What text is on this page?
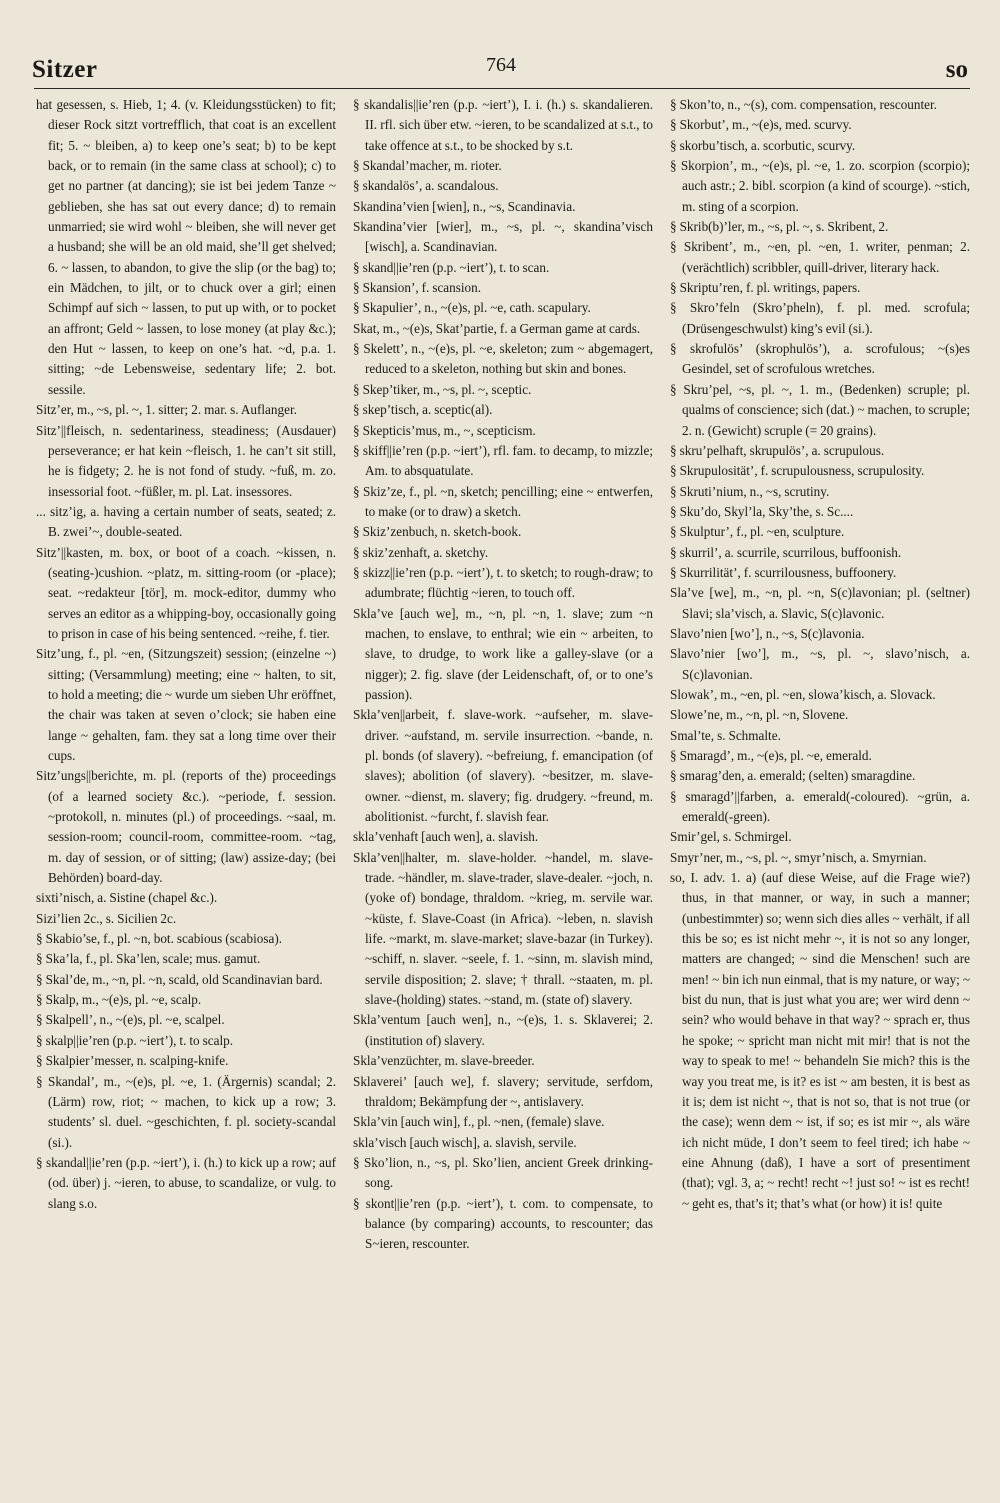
Sitzer	764	so
hat gesessen, s. Hieb, 1; 4. (v. Kleidungsstücken) to fit; dieser Rock sitzt vortrefflich, that coat is an excellent fit; 5. ~ bleiben, a) to keep one’s seat; b) to be kept back, or to remain (in the same class at school); c) to get no partner (at dancing); sie ist bei jedem Tanze ~ geblieben, she has sat out every dance; d) to remain unmarried; sie wird wohl ~ bleiben, she will never get a husband; she will be an old maid, she’ll get shelved; 6. ~ lassen, to abandon, to give the slip (or the bag) to; ein Mädchen, to jilt, or to chuck over a girl; einen Schimpf auf sich ~ lassen, to put up with, or to pocket an affront; Geld ~ lassen, to lose money (at play &c.); den Hut ~ lassen, to keep on one’s hat. ~d, p.a. 1. sitting; ~de Lebensweise, sedentary life; 2. bot. sessile.
Sitz’er, m., ~s, pl. ~, 1. sitter; 2. mar. s. Auflanger.
Sitz’||fleisch, n. sedentariness, steadiness; (Ausdauer) perseverance; er hat kein ~fleisch, 1. he can’t sit still, he is fidgety; 2. he is not fond of study. ~fuß, m. zo. insessorial foot. ~füßler, m. pl. Lat. insessores.
... sitz’ig, a. having a certain number of seats, seated; z. B. zwei’~, double-seated.
Sitz’||kasten, m. box, or boot of a coach. ~kissen, n. (seating-)cushion. ~platz, m. sitting-room (or -place); seat. ~redakteur [tör], m. mock-editor, dummy who serves an editor as a whipping-boy, occasionally going to prison in case of his being sentenced. ~reihe, f. tier.
Sitz’ung, f., pl. ~en, (Sitzungszeit) session; (einzelne ~) sitting; (Versammlung) meeting; eine ~ halten, to sit, to hold a meeting; die ~ wurde um sieben Uhr eröffnet, the chair was taken at seven o’clock; sie haben eine lange ~ gehalten, fam. they sat a long time over their cups.
Sitz’ungs||berichte, m. pl. (reports of the) proceedings (of a learned society &c.). ~periode, f. session. ~protokoll, n. minutes (pl.) of proceedings. ~saal, m. session-room; council-room, committee-room. ~tag, m. day of session, or of sitting; (law) assize-day; (bei Behörden) board-day.
sixti’nisch, a. Sistine (chapel &c.).
Sizi’lien 2c., s. Sicilien 2c.
§ Skabio’se, f., pl. ~n, bot. scabious (scabiosa).
§ Ska’la, f., pl. Ska’len, scale; mus. gamut.
§ Skal’de, m., ~n, pl. ~n, scald, old Scandinavian bard.
§ Skalp, m., ~(e)s, pl. ~e, scalp.
§ Skalpell’, n., ~(e)s, pl. ~e, scalpel.
§ skalp||ie’ren (p.p. ~iert’), t. to scalp.
§ Skalpier’messer, n. scalping-knife.
§ Skandal’, m., ~(e)s, pl. ~e, 1. (Ärgernis) scandal; 2. (Lärm) row, riot; ~ machen, to kick up a row; 3. students’ sl. duel. ~geschichten, f. pl. society-scandal (si.).
§ skandal||ie’ren (p.p. ~iert’), i. (h.) to kick up a row; auf (od. über) j. ~ieren, to abuse, to scandalize, or vulg. to slang s.o.
§ skandalis||ie’ren (p.p. ~iert’), I. i. (h.) s. skandalieren. II. rfl. sich über etw. ~ieren, to be scandalized at s.t., to take offence at s.t., to be shocked by s.t.
§ Skandal’macher, m. rioter.
§ skandalös’, a. scandalous.
Skandina’vien [wien], n., ~s, Scandinavia.
Skandina’vier [wier], m., ~s, pl. ~, skandina’visch [wisch], a. Scandinavian.
§ skand||ie’ren (p.p. ~iert’), t. to scan.
§ Skansion’, f. scansion.
§ Skapulier’, n., ~(e)s, pl. ~e, cath. scapulary.
Skat, m., ~(e)s, Skat’partie, f. a German game at cards.
§ Skelett’, n., ~(e)s, pl. ~e, skeleton; zum ~ abgemagert, reduced to a skeleton, nothing but skin and bones.
§ Skep’tiker, m., ~s, pl. ~, sceptic.
§ skep’tisch, a. sceptic(al).
§ Skepticis’mus, m., ~, scepticism.
§ skiff||ie’ren (p.p. ~iert’), rfl. fam. to decamp, to mizzle; Am. to absquatulate.
§ Skiz’ze, f., pl. ~n, sketch; pencilling; eine ~ entwerfen, to make (or to draw) a sketch.
§ Skiz’zenbuch, n. sketch-book.
§ skiz’zenhaft, a. sketchy.
§ skizz||ie’ren (p.p. ~iert’), t. to sketch; to rough-draw; to adumbrate; flüchtig ~ieren, to touch off.
Skla’ve [auch we], m., ~n, pl. ~n, 1. slave; zum ~n machen, to enslave, to enthral; wie ein ~ arbeiten, to slave, to drudge, to work like a galley-slave (or a nigger); 2. fig. slave (der Leidenschaft, of, or to one’s passion).
Skla’ven||arbeit, f. slave-work. ~aufseher, m. slave-driver. ~aufstand, m. servile insurrection. ~bande, n. pl. bonds (of slavery). ~befreiung, f. emancipation (of slaves); abolition (of slavery). ~besitzer, m. slave-owner. ~dienst, m. slavery; fig. drudgery. ~freund, m. abolitionist. ~furcht, f. slavish fear.
skla’venhaft [auch wen], a. slavish.
Skla’ven||halter, m. slave-holder. ~handel, m. slave-trade. ~händler, m. slave-trader, slave-dealer. ~joch, n. (yoke of) bondage, thraldom. ~krieg, m. servile war. ~küste, f. Slave-Coast (in Africa). ~leben, n. slavish life. ~markt, m. slave-market; slave-bazar (in Turkey). ~schiff, n. slaver. ~seele, f. 1. ~sinn, m. slavish mind, servile disposition; 2. slave; † thrall. ~staaten, m. pl. slave-(holding) states. ~stand, m. (state of) slavery.
Skla’ventum [auch wen], n., ~(e)s, 1. s. Sklaverei; 2. (institution of) slavery.
Skla’venzüchter, m. slave-breeder.
Sklaverei’ [auch we], f. slavery; servitude, serfdom, thraldom; Bekämpfung der ~, antislavery.
Skla’vin [auch win], f., pl. ~nen, (female) slave.
skla’visch [auch wisch], a. slavish, servile.
§ Sko’lion, n., ~s, pl. Sko’lien, ancient Greek drinking-song.
§ skont||ie’ren (p.p. ~iert’), t. com. to compensate, to balance (by comparing) accounts, to rescounter; das S~ieren, rescounter.
§ Skon’to, n., ~(s), com. compensation, rescounter.
§ Skorbut’, m., ~(e)s, med. scurvy.
§ skorbu’tisch, a. scorbutic, scurvy.
§ Skorpion’, m., ~(e)s, pl. ~e, 1. zo. scorpion (scorpio); auch astr.; 2. bibl. scorpion (a kind of scourge). ~stich, m. sting of a scorpion.
§ Skrib(b)’ler, m., ~s, pl. ~, s. Skribent, 2.
§ Skribent’, m., ~en, pl. ~en, 1. writer, penman; 2. (verächtlich) scribbler, quill-driver, literary hack.
§ Skriptu’ren, f. pl. writings, papers.
§ Skro’feln (Skro’pheln), f. pl. med. scrofula; (Drüsengeschwulst) king’s evil (si.).
§ skrofulös’ (skrophulös’), a. scrofulous; ~(s)es Gesindel, set of scrofulous wretches.
§ Skru’pel, ~s, pl. ~, 1. m., (Bedenken) scruple; pl. qualms of conscience; sich (dat.) ~ machen, to scruple; 2. n. (Gewicht) scruple (= 20 grains).
§ skru’pelhaft, skrupulös’, a. scrupulous.
§ Skrupulosität’, f. scrupulousness, scrupulosity.
§ Skruti’nium, n., ~s, scrutiny.
§ Sku’do, Skyl’la, Sky’the, s. Sc....
§ Skulptur’, f., pl. ~en, sculpture.
§ skurril’, a. scurrile, scurrilous, buffoonish.
§ Skurrilität’, f. scurrilousness, buffoonery.
Sla’ve [we], m., ~n, pl. ~n, S(c)lavonian; pl. (seltner) Slavi; sla’visch, a. Slavic, S(c)lavonic.
Slavo’nien [wo’], n., ~s, S(c)lavonia.
Slavo’nier [wo’], m., ~s, pl. ~, slavo’nisch, a. S(c)lavonian.
Slowak’, m., ~en, pl. ~en, slowa’kisch, a. Slovack.
Slowe’ne, m., ~n, pl. ~n, Slovene.
Smal’te, s. Schmalte.
§ Smaragd’, m., ~(e)s, pl. ~e, emerald.
§ smarag’den, a. emerald; (selten) smaragdine.
§ smaragd’||farben, a. emerald(-coloured). ~grün, a. emerald(-green).
Smir’gel, s. Schmirgel.
Smyr’ner, m., ~s, pl. ~, smyr’nisch, a. Smyrnian.
so, I. adv. 1. a) (auf diese Weise, auf die Frage wie?) thus, in that manner, or way, in such a manner; (unbestimmter) so; wenn sich dies alles ~ verhält, if all this be so; es ist nicht mehr ~, it is not so any longer, matters are changed; ~ sind die Menschen! such are men! ~ bin ich nun einmal, that is my nature, or way; ~ bist du nun, that is just what you are; wer wird denn ~ sein? who would behave in that way? ~ sprach er, thus he spoke; ~ spricht man nicht mit mir! that is not the way to speak to me! ~ behandeln Sie mich? this is the way you treat me, is it? es ist ~ am besten, it is best as it is; dem ist nicht ~, that is not so, that is not true (or the case); wenn dem ~ ist, if so; es ist mir ~, als wäre ich nicht müde, I don’t seem to feel tired; ich habe ~ eine Ahnung (daß), I have a sort of presentiment (that); vgl. 3, a; ~ recht! recht ~! just so! ~ ist es recht! ~ geht es, that’s it; that’s what (or how) it is! quite
